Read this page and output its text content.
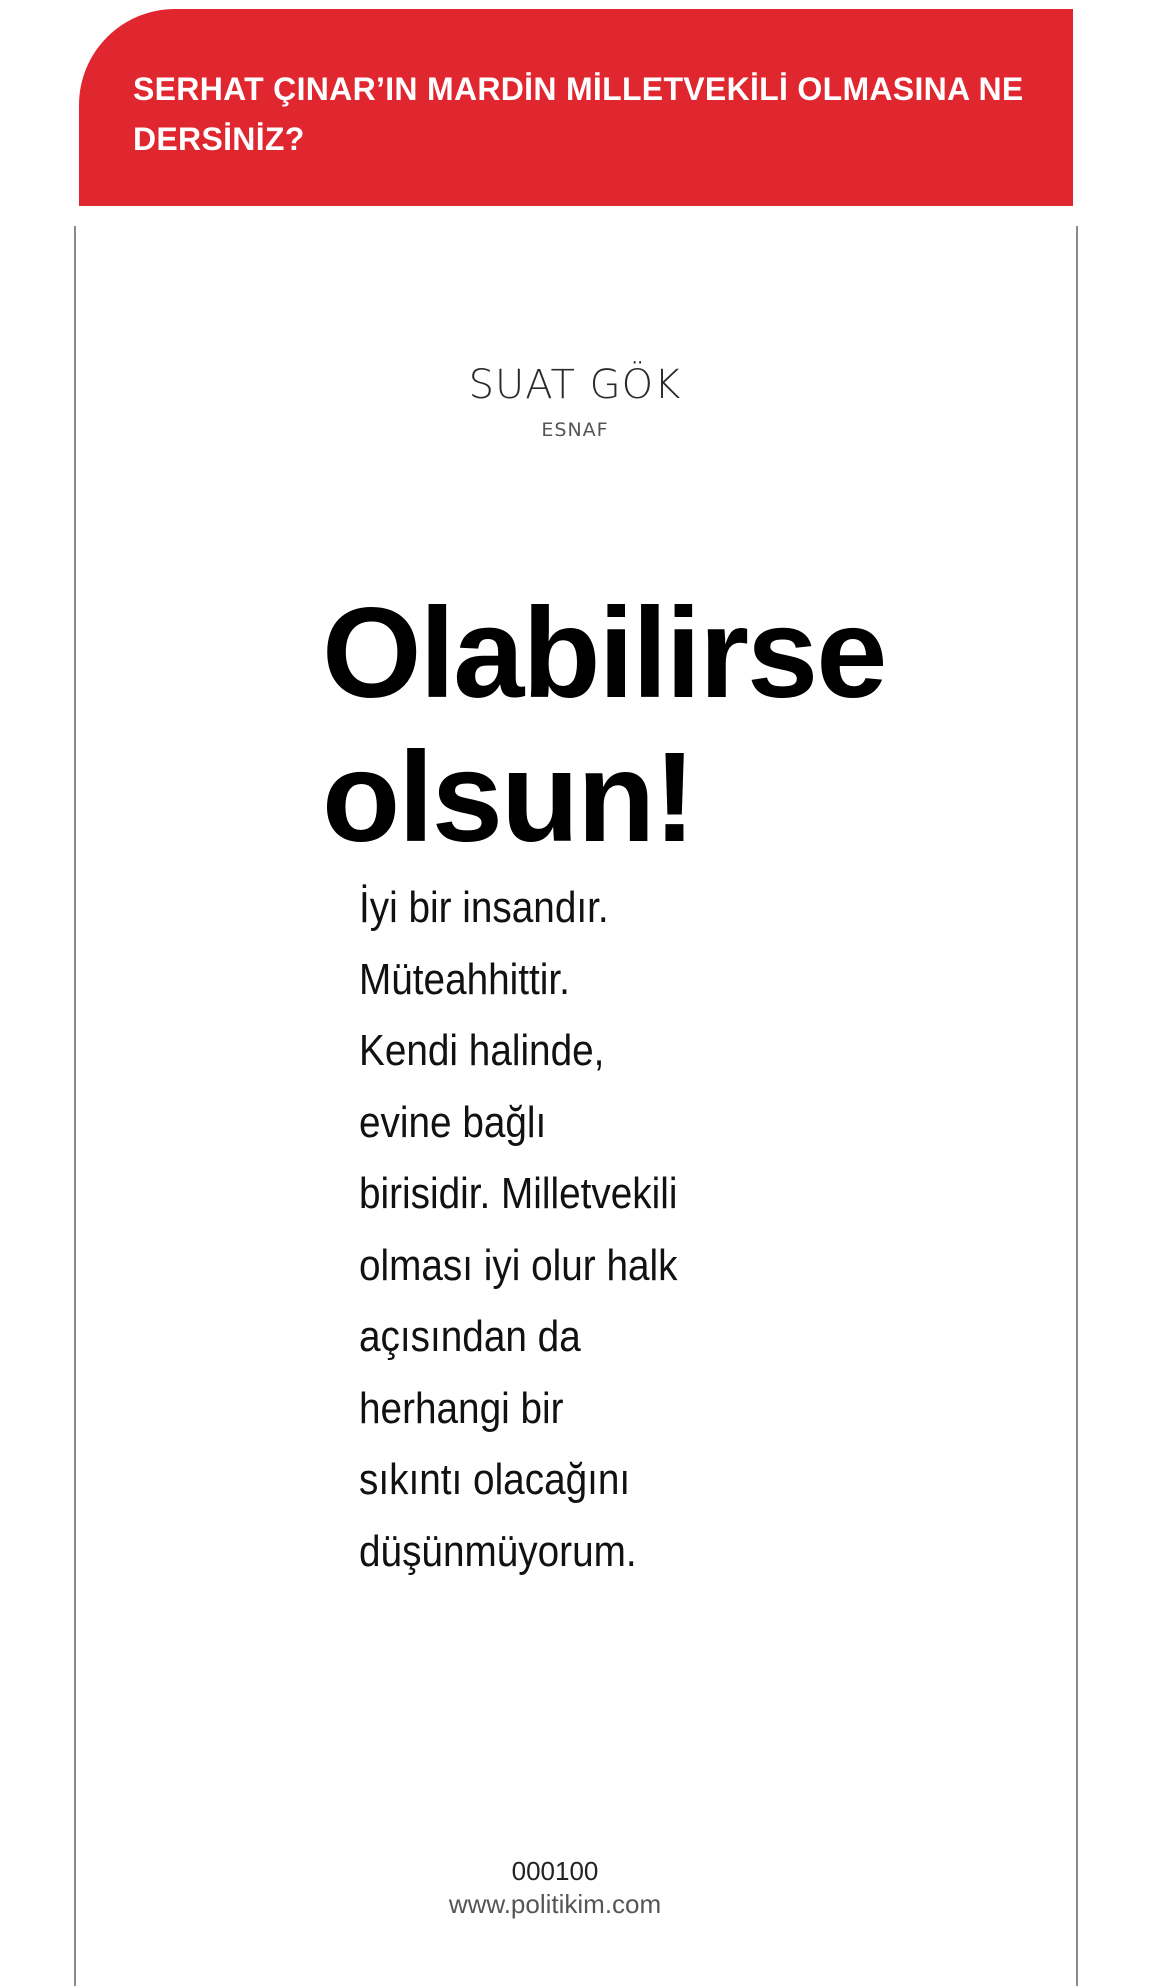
SERHAT ÇINAR’IN MARDİN MİLLETVEKİLİ OLMASINA NE DERSİNİZ?
SUAT GÖK
ESNAF
Olabilirse
olsun!
İyi bir insandır.
Müteahhittir.
Kendi halinde,
evine bağlı
birisidir. Milletvekili
olması iyi olur halk
açısından da
herhangi bir
sıkıntı olacağını
düşünmüyorum.
000100
www.politikim.com
